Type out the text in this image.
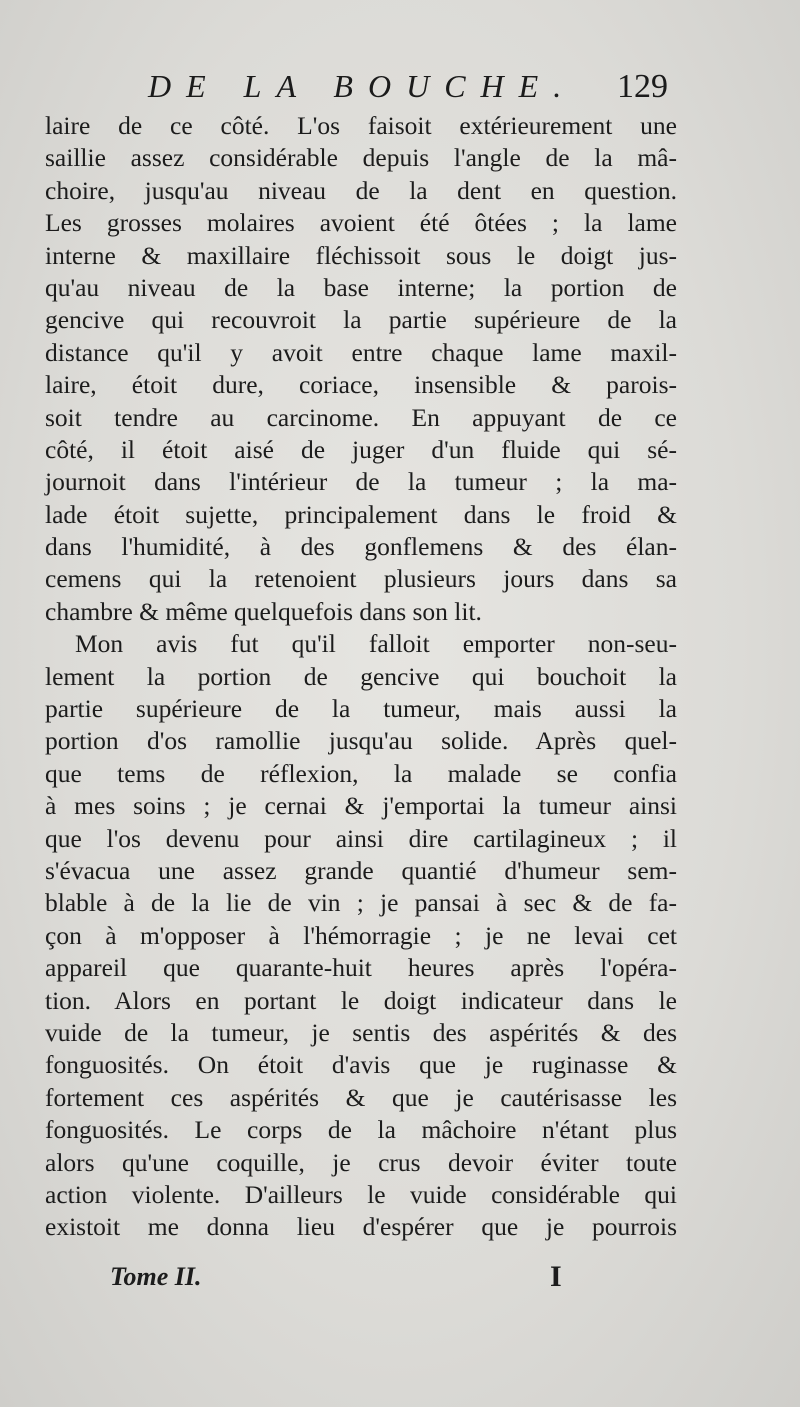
DE LA BOUCHE. 129
laire de ce côté. L'os faisoit extérieurement une
saillie assez considérable depuis l'angle de la mâ-
choire, jusqu'au niveau de la dent en question.
Les grosses molaires avoient été ôtées ; la lame
interne & maxillaire fléchissoit sous le doigt jus-
qu'au niveau de la base interne; la portion de
gencive qui recouvroit la partie supérieure de la
distance qu'il y avoit entre chaque lame maxil-
laire, étoit dure, coriace, insensible & parois-
soit tendre au carcinome. En appuyant de ce
côté, il étoit aisé de juger d'un fluide qui sé-
journoit dans l'intérieur de la tumeur ; la ma-
lade étoit sujette, principalement dans le froid &
dans l'humidité, à des gonflemens & des élan-
cemens qui la retenoient plusieurs jours dans sa
chambre & même quelquefois dans son lit.
Mon avis fut qu'il falloit emporter non-seu-
lement la portion de gencive qui bouchoit la
partie supérieure de la tumeur, mais aussi la
portion d'os ramollie jusqu'au solide. Après quel-
que tems de réflexion, la malade se confia
à mes soins ; je cernai & j'emportai la tumeur ainsi
que l'os devenu pour ainsi dire cartilagineux ; il
s'évacua une assez grande quantié d'humeur sem-
blable à de la lie de vin ; je pansai à sec & de fa-
çon à m'opposer à l'hémorragie ; je ne levai cet
appareil que quarante-huit heures après l'opéra-
tion. Alors en portant le doigt indicateur dans le
vuide de la tumeur, je sentis des aspérités & des
fonguosités. On étoit d'avis que je ruginasse &
fortement ces aspérités & que je cautérisasse les
fonguosités. Le corps de la mâchoire n'étant plus
alors qu'une coquille, je crus devoir éviter toute
action violente. D'ailleurs le vuide considérable qui
existoit me donna lieu d'espérer que je pourrois
Tome II.	I
